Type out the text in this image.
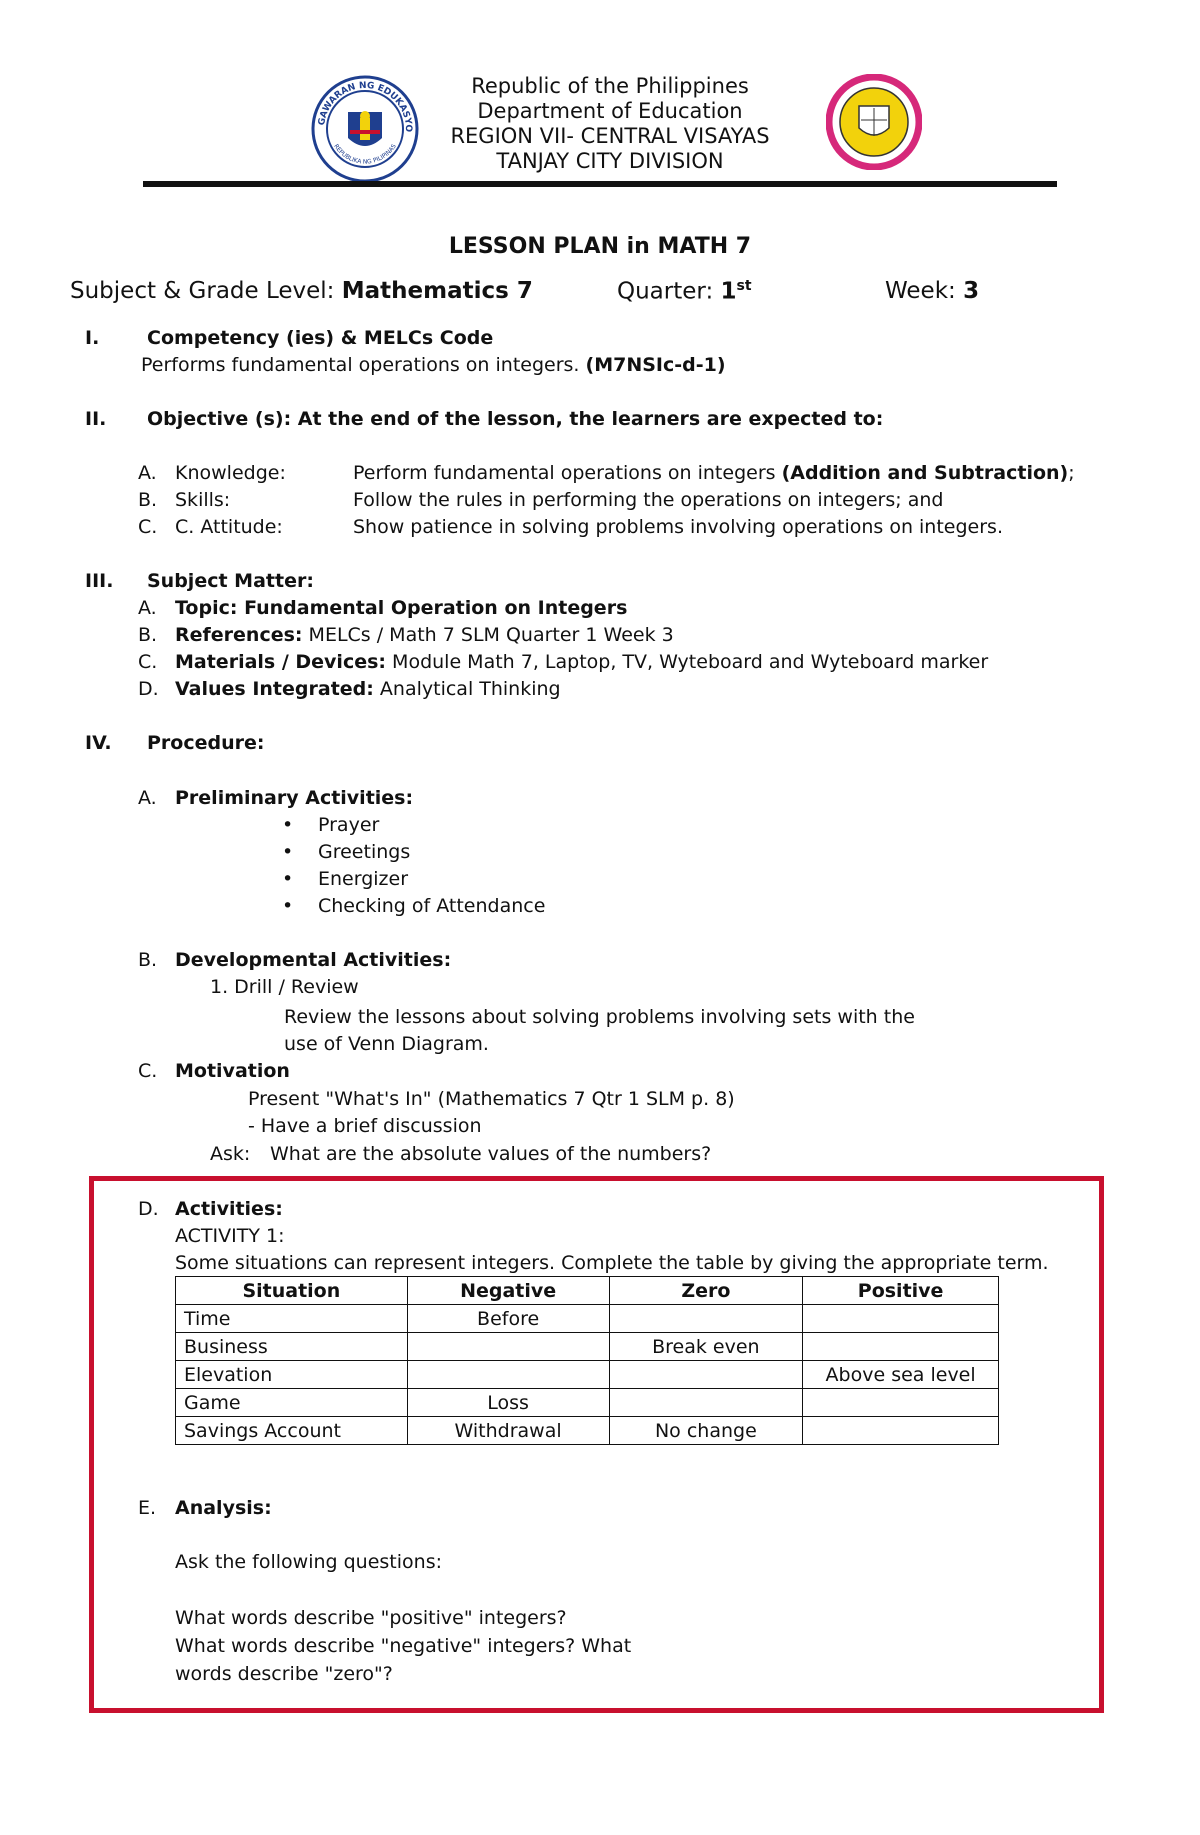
GAWARAN NG EDUKASYO
REPUBLIKA NG PILIPINAS
Republic of the Philippines
Department of Education
REGION VII- CENTRAL VISAYAS
TANJAY CITY DIVISION
LESSON PLAN in MATH 7
Subject & Grade Level: Mathematics 7	Quarter: 1st	Week: 3
I.	Competency (ies) & MELCs Code
Performs fundamental operations on integers. (M7NSIc-d-1)
II. Objective (s): At the end of the lesson, the learners are expected to:
A. Knowledge:	Perform fundamental operations on integers (Addition and Subtraction);
B. Skills:	Follow the rules in performing the operations on integers; and
C. C. Attitude:	Show patience in solving problems involving operations on integers.
III. Subject Matter:
A. Topic: Fundamental Operation on Integers
B. References: MELCs / Math 7 SLM Quarter 1 Week 3
C. Materials / Devices: Module Math 7, Laptop, TV, Wyteboard and Wyteboard marker
D. Values Integrated: Analytical Thinking
IV. Procedure:
A. Preliminary Activities:
• Prayer
• Greetings
• Energizer
• Checking of Attendance
B. Developmental Activities:
1. Drill / Review
Review the lessons about solving problems involving sets with the
use of Venn Diagram.
C. Motivation
Present "What's In" (Mathematics 7 Qtr 1 SLM p. 8)
- Have a brief discussion
Ask: What are the absolute values of the numbers?
D. Activities:
ACTIVITY 1:
Some situations can represent integers. Complete the table by giving the appropriate term.
Situation	Negative	Zero	Positive
Time	Before		
Business		Break even	
Elevation			Above sea level
Game	Loss		
Savings Account	Withdrawal	No change	
E. Analysis:
Ask the following questions:
What words describe "positive" integers?
What words describe "negative" integers? What
words describe "zero"?
